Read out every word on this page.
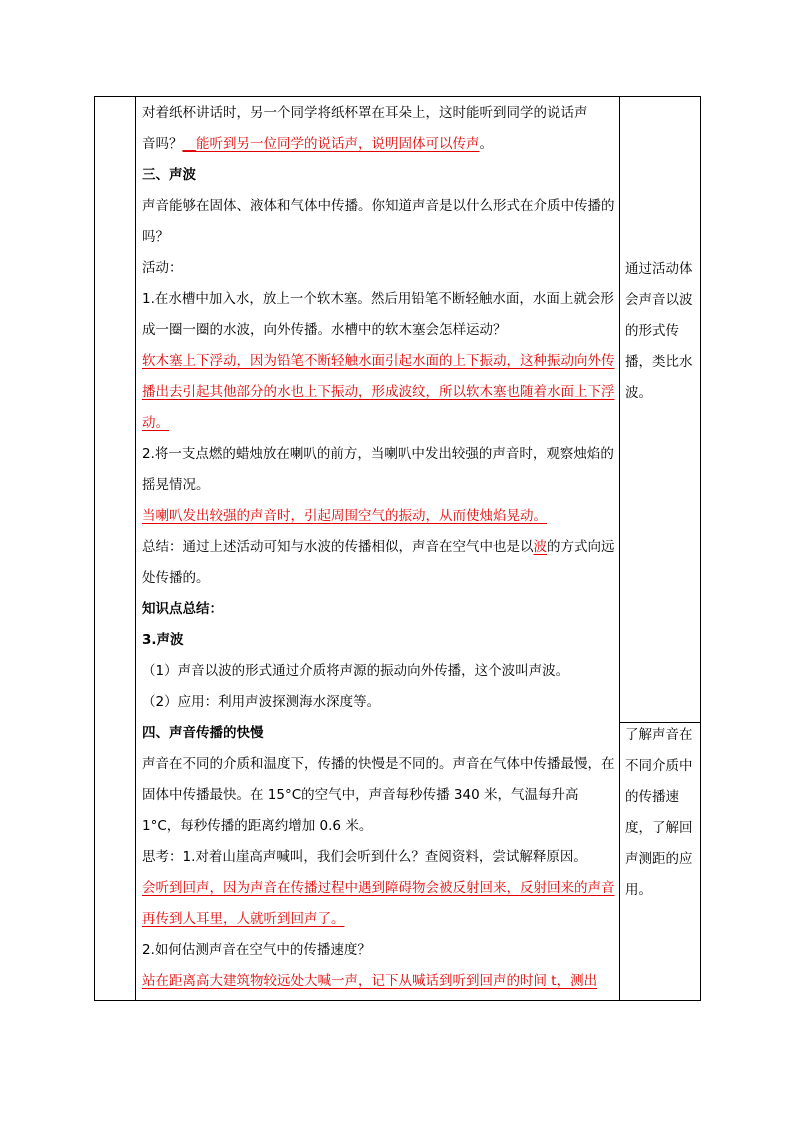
对着纸杯讲话时，另一个同学将纸杯罩在耳朵上，这时能听到同学的说话声

音吗？__能听到另一位同学的说话声，说明固体可以传声。

三、声波

声音能够在固体、液体和气体中传播。你知道声音是以什么形式在介质中传播的吗？

活动：

1.在水槽中加入水，放上一个软木塞。然后用铅笔不断轻触水面，水面上就会形成一圈一圈的水波，向外传播。水槽中的软木塞会怎样运动？

软木塞上下浮动，因为铅笔不断轻触水面引起水面的上下振动，这种振动向外传播出去引起其他部分的水也上下振动，形成波纹，所以软木塞也随着水面上下浮动。

2.将一支点燃的蜡烛放在喇叭的前方，当喇叭中发出较强的声音时，观察烛焰的摇晃情况。

当喇叭发出较强的声音时，引起周围空气的振动，从而使烛焰晃动。

总结：通过上述活动可知与水波的传播相似，声音在空气中也是以波的方式向远处传播的。

知识点总结：

3.声波

（1）声音以波的形式通过介质将声源的振动向外传播，这个波叫声波。

（2）应用：利用声波探测海水深度等。

四、声音传播的快慢

声音在不同的介质和温度下，传播的快慢是不同的。声音在气体中传播最慢，在固体中传播最快。在 15°C的空气中，声音每秒传播 340 米，气温每升高 1°C，每秒传播的距离约增加 0.6 米。

思考：1.对着山崖高声喊叫，我们会听到什么？查阅资料，尝试解释原因。

会听到回声，因为声音在传播过程中遇到障碍物会被反射回来，反射回来的声音再传到人耳里，人就听到回声了。

2.如何估测声音在空气中的传播速度？

站在距离高大建筑物较远处大喊一声，记下从喊话到听到回声的时间 t，测出

通过活动体会声音以波的形式传播，类比水波。
了解声音在不同介质中的传播速度，了解回声测距的应用。
